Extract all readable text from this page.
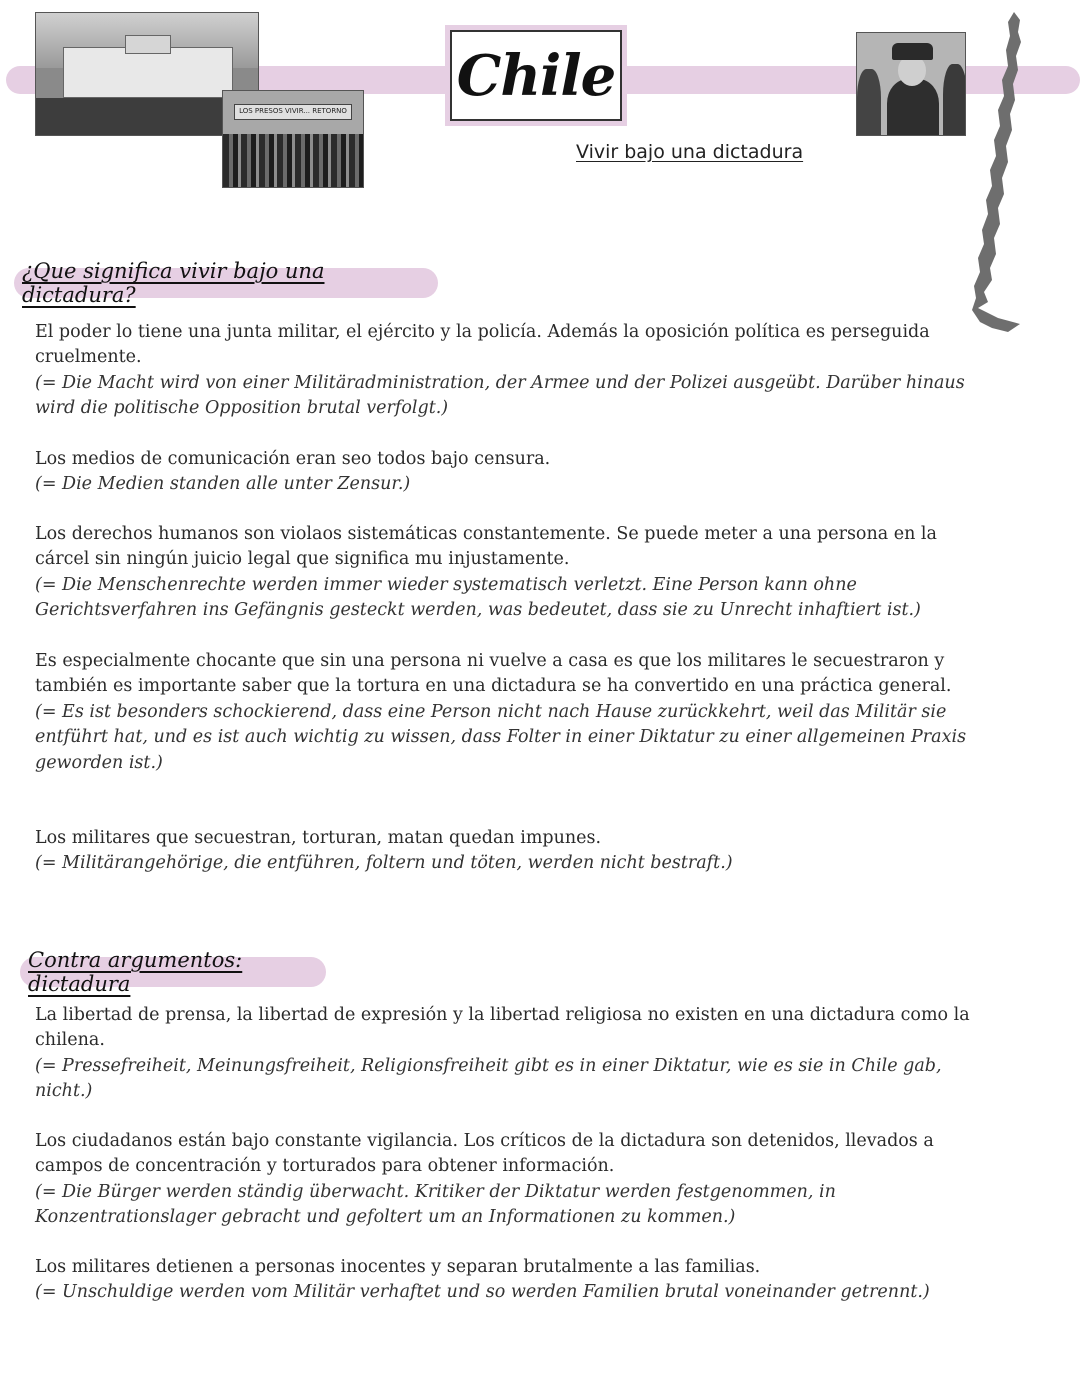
LOS PRESOS VIVIR... RETORNO
Chile
Vivir bajo una dictadura
¿Que significa vivir bajo una dictadura?
El poder lo tiene una junta militar, el ejército y la policía. Además la oposición política es perseguida cruelmente.
(= Die Macht wird von einer Militäradministration, der Armee und der Polizei ausgeübt. Darüber hinaus wird die politische Opposition brutal verfolgt.)
Los medios de comunicación eran seo todos bajo censura.
(= Die Medien standen alle unter Zensur.)
Los derechos humanos son violaos sistemáticas constantemente. Se puede meter a una persona en la cárcel sin ningún juicio legal que significa mu injustamente.
(= Die Menschenrechte werden immer wieder systematisch verletzt. Eine Person kann ohne Gerichtsverfahren ins Gefängnis gesteckt werden, was bedeutet, dass sie zu Unrecht inhaftiert ist.)
Es especialmente chocante que sin una persona ni vuelve a casa es que los militares le secuestraron y también es importante saber que la tortura en una dictadura se ha convertido en una práctica general.
(= Es ist besonders schockierend, dass eine Person nicht nach Hause zurückkehrt, weil das Militär sie entführt hat, und es ist auch wichtig zu wissen, dass Folter in einer Diktatur zu einer allgemeinen Praxis geworden ist.)
Los militares que secuestran, torturan, matan quedan impunes.
(= Militärangehörige, die entführen, foltern und töten, werden nicht bestraft.)
Contra argumentos: dictadura
La libertad de prensa, la libertad de expresión y la libertad religiosa no existen en una dictadura como la chilena.
(= Pressefreiheit, Meinungsfreiheit, Religionsfreiheit gibt es in einer Diktatur, wie es sie in Chile gab, nicht.)
Los ciudadanos están bajo constante vigilancia. Los críticos de la dictadura son detenidos, llevados a campos de concentración y torturados para obtener información.
(= Die Bürger werden ständig überwacht. Kritiker der Diktatur werden festgenommen, in Konzentrationslager gebracht und gefoltert um an Informationen zu kommen.)
Los militares detienen a personas inocentes y separan brutalmente a las familias.
(= Unschuldige werden vom Militär verhaftet und so werden Familien brutal voneinander getrennt.)
